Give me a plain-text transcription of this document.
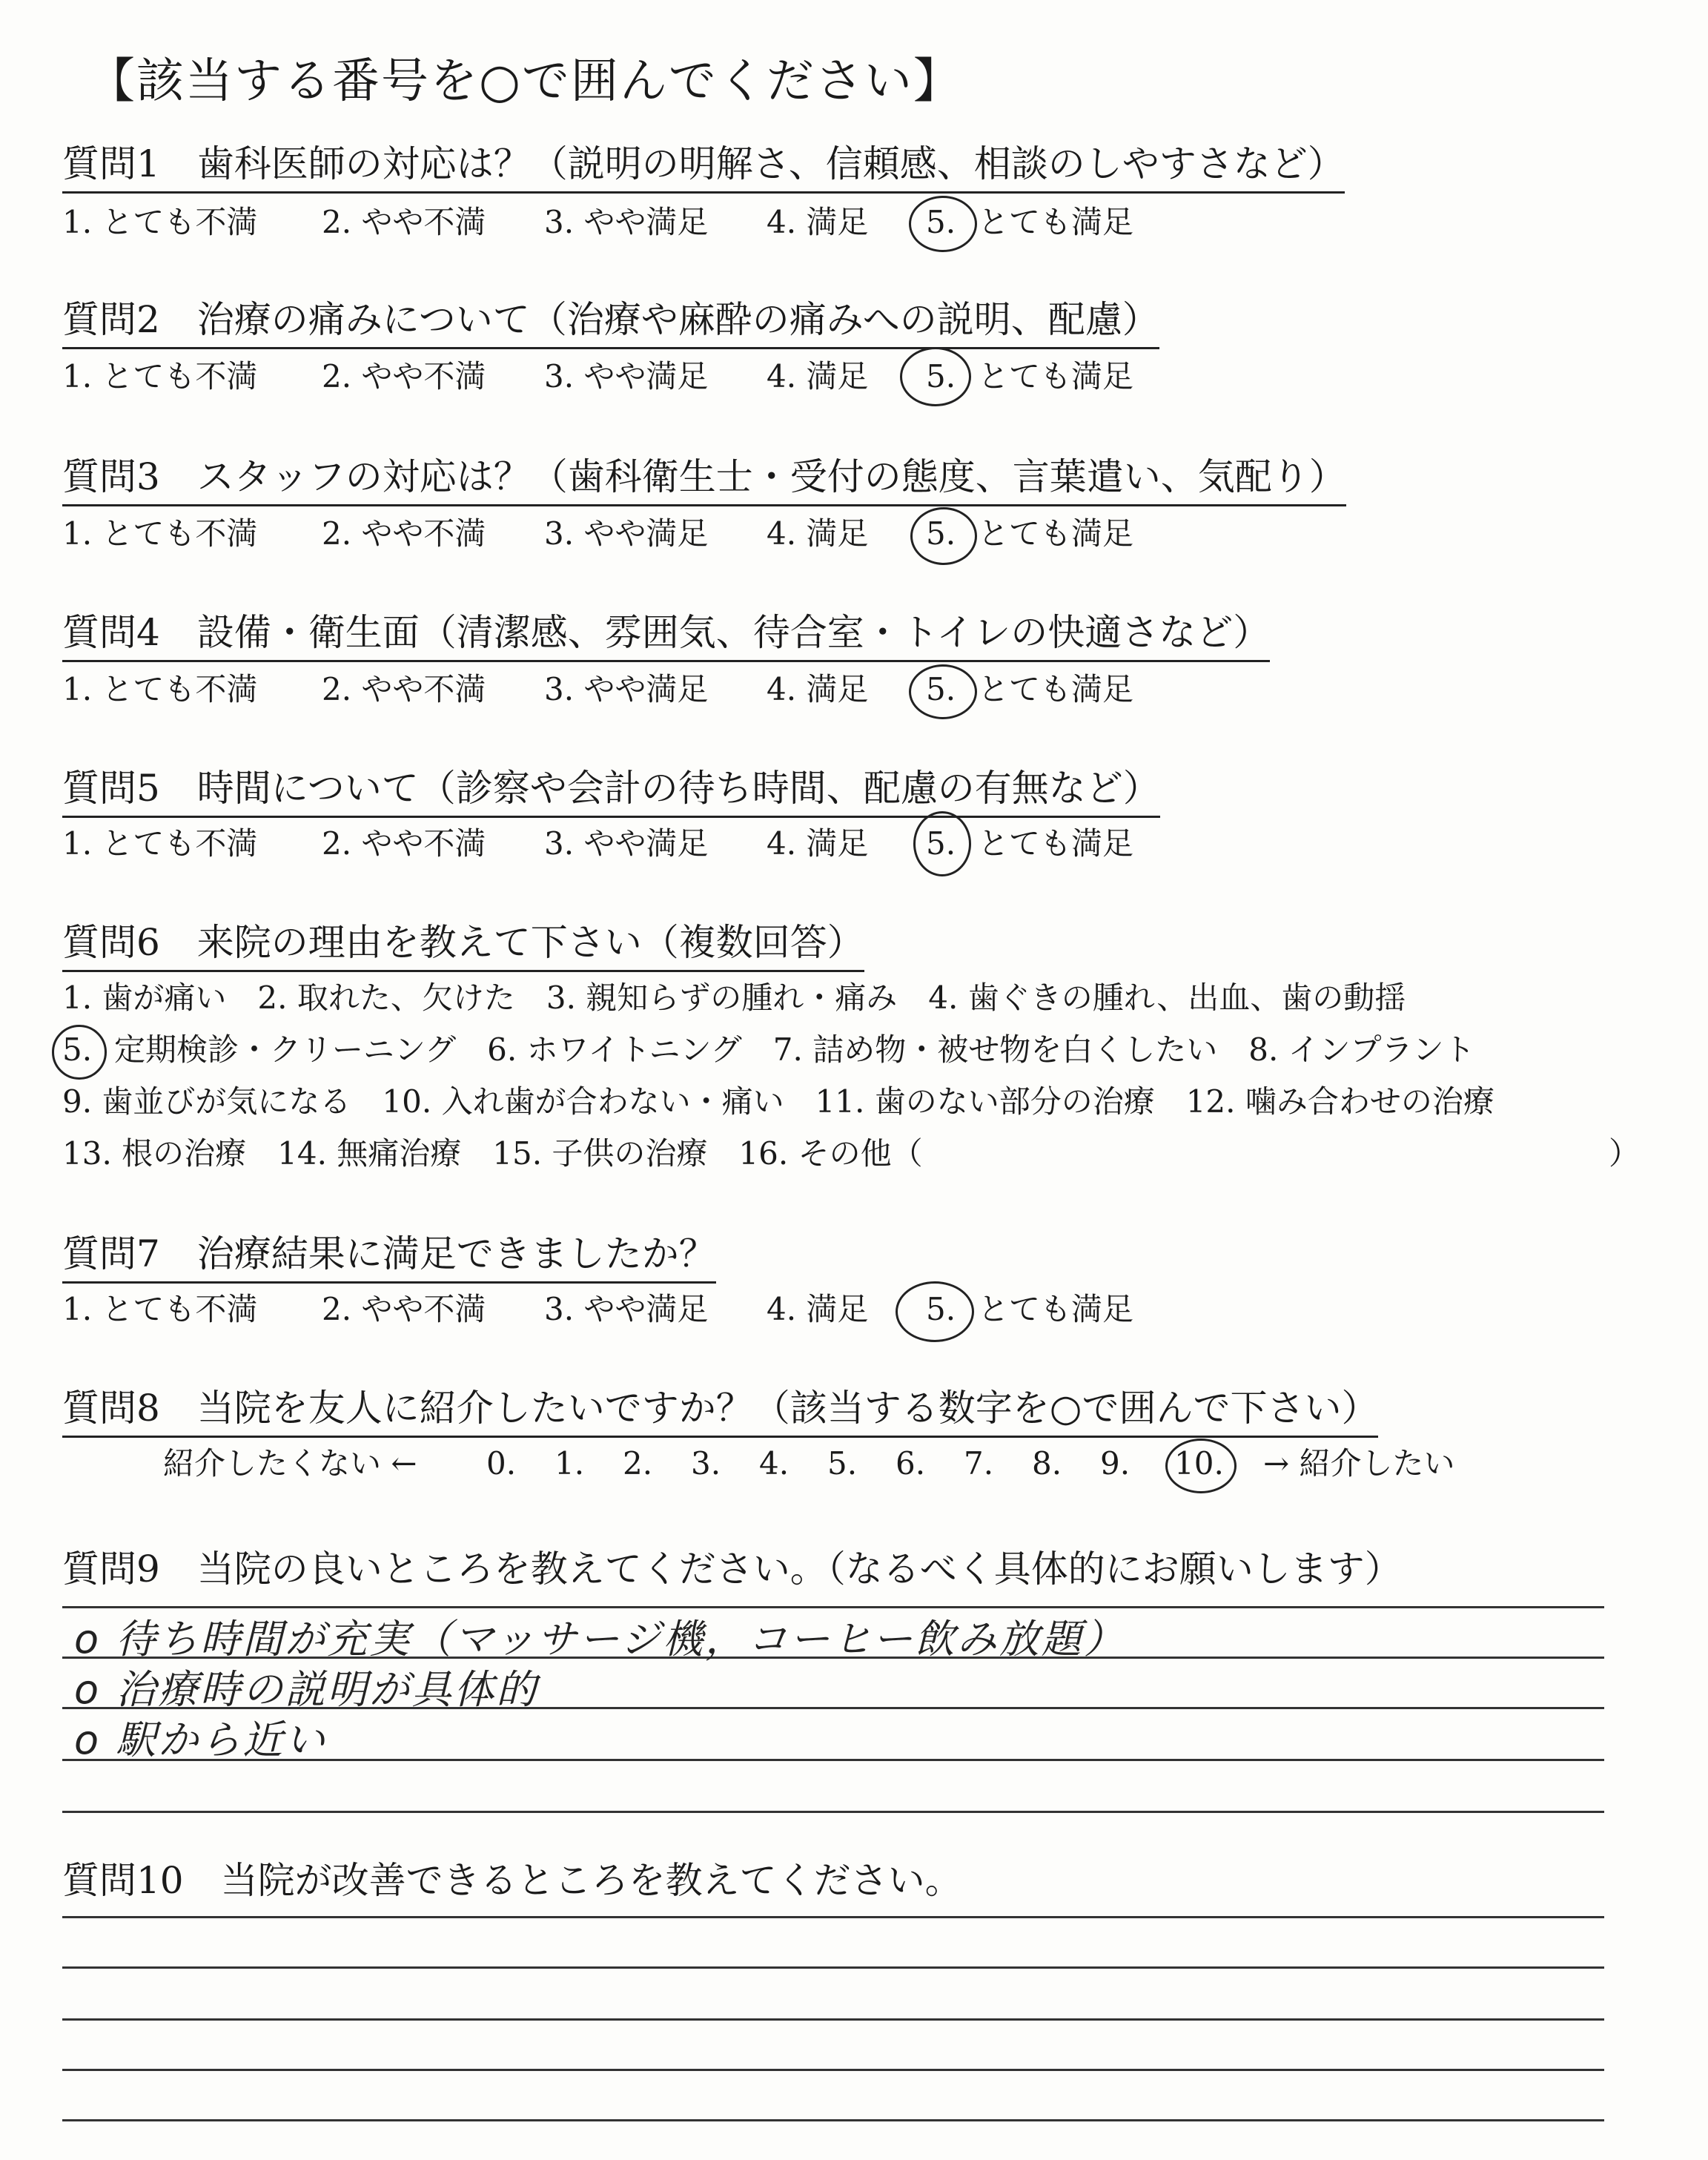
【該当する番号を○で囲んでください】
質問1　歯科医師の対応は？（説明の明解さ、信頼感、相談のしやすさなど）
1. とても不満 2. やや不満 3. やや満足 4. 満足 5. とても満足
質問2　治療の痛みについて（治療や麻酔の痛みへの説明、配慮）
1. とても不満 2. やや不満 3. やや満足 4. 満足 5. とても満足
質問3　スタッフの対応は？（歯科衛生士・受付の態度、言葉遣い、気配り）
1. とても不満 2. やや不満 3. やや満足 4. 満足 5. とても満足
質問4　設備・衛生面（清潔感、雰囲気、待合室・トイレの快適さなど）
1. とても不満 2. やや不満 3. やや満足 4. 満足 5. とても満足
質問5　時間について（診察や会計の待ち時間、配慮の有無など）
1. とても不満 2. やや不満 3. やや満足 4. 満足 5. とても満足
質問6　来院の理由を教えて下さい（複数回答）
1. 歯が痛い　2. 取れた、欠けた　3. 親知らずの腫れ・痛み　4. 歯ぐきの腫れ、出血、歯の動揺
5. 定期検診・クリーニング　6. ホワイトニング　7. 詰め物・被せ物を白くしたい　8. インプラント
9. 歯並びが気になる　10. 入れ歯が合わない・痛い　11. 歯のない部分の治療　12. 噛み合わせの治療
13. 根の治療　14. 無痛治療　15. 子供の治療　16. その他（	）
質問7　治療結果に満足できましたか？
1. とても不満 2. やや不満 3. やや満足 4. 満足 5. とても満足
質問8　当院を友人に紹介したいですか？（該当する数字を○で囲んで下さい）
紹介したくない ← 0. 1. 2. 3. 4. 5. 6. 7. 8. 9. 10. → 紹介したい
質問9　当院の良いところを教えてください。（なるべく具体的にお願いします）
o 待ち時間が充実（マッサージ機，コーヒー飲み放題）
o 治療時の説明が具体的
o 駅から近い
質問10　当院が改善できるところを教えてください。
